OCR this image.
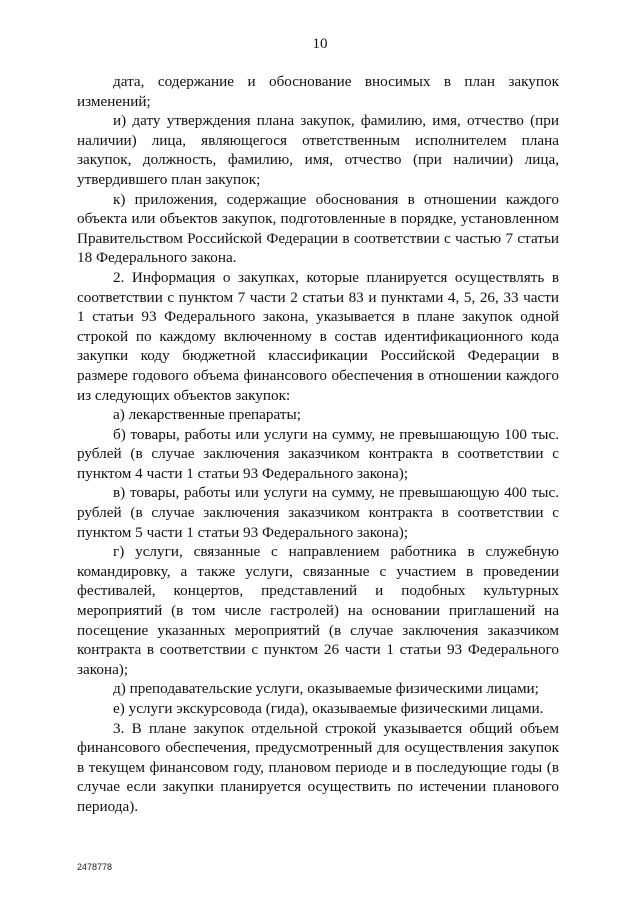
10

дата, содержание и обоснование вносимых в план закупок изменений;

и) дату утверждения плана закупок, фамилию, имя, отчество (при наличии) лица, являющегося ответственным исполнителем плана закупок, должность, фамилию, имя, отчество (при наличии) лица, утвердившего план закупок;

к) приложения, содержащие обоснования в отношении каждого объекта или объектов закупок, подготовленные в порядке, установленном Правительством Российской Федерации в соответствии с частью 7 статьи 18 Федерального закона.

2. Информация о закупках, которые планируется осуществлять в соответствии с пунктом 7 части 2 статьи 83 и пунктами 4, 5, 26, 33 части 1 статьи 93 Федерального закона, указывается в плане закупок одной строкой по каждому включенному в состав идентификационного кода закупки коду бюджетной классификации Российской Федерации в размере годового объема финансового обеспечения в отношении каждого из следующих объектов закупок:

а) лекарственные препараты;

б) товары, работы или услуги на сумму, не превышающую 100 тыс. рублей (в случае заключения заказчиком контракта в соответствии с пунктом 4 части 1 статьи 93 Федерального закона);

в) товары, работы или услуги на сумму, не превышающую 400 тыс. рублей (в случае заключения заказчиком контракта в соответствии с пунктом 5 части 1 статьи 93 Федерального закона);

г) услуги, связанные с направлением работника в служебную командировку, а также услуги, связанные с участием в проведении фестивалей, концертов, представлений и подобных культурных мероприятий (в том числе гастролей) на основании приглашений на посещение указанных мероприятий (в случае заключения заказчиком контракта в соответствии с пунктом 26 части 1 статьи 93 Федерального закона);

д) преподавательские услуги, оказываемые физическими лицами;

е) услуги экскурсовода (гида), оказываемые физическими лицами.

3. В плане закупок отдельной строкой указывается общий объем финансового обеспечения, предусмотренный для осуществления закупок в текущем финансовом году, плановом периоде и в последующие годы (в случае если закупки планируется осуществить по истечении планового периода).

2478778
